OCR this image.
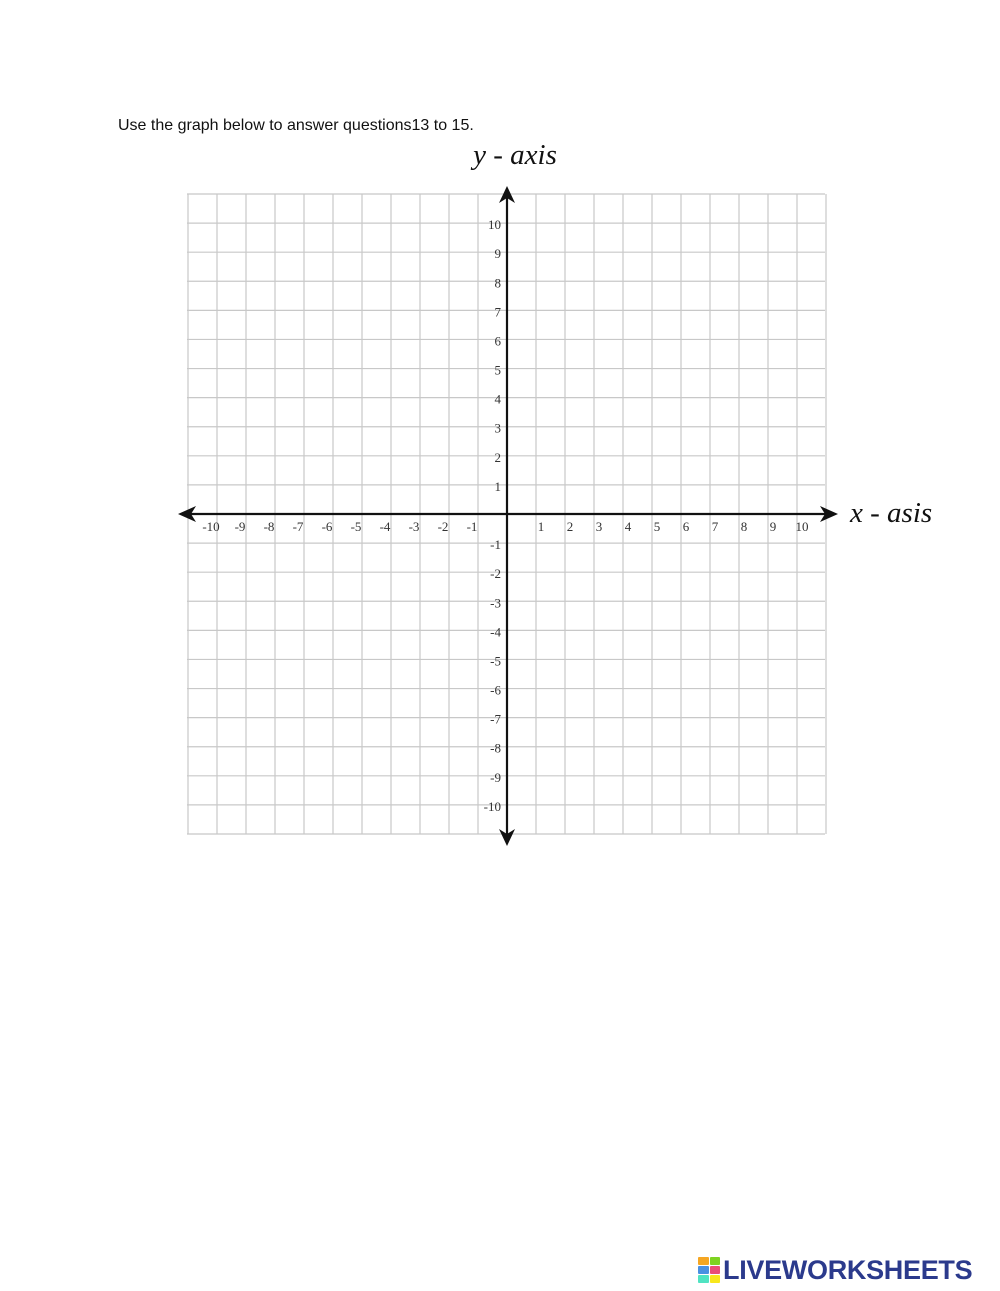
Use the graph below to answer questions13 to 15.
-10 -9 -8 -7 -6 -5 -4 -3 -2 -1	1 2 3 4 5 6 7 8 9 10
10
9
8
7
6
5
4
3
2
1
-1
-2
-3
-4
-5
-6
-7
-8
-9
-10
y - axis
x - asis
LIVEWORKSHEETS
